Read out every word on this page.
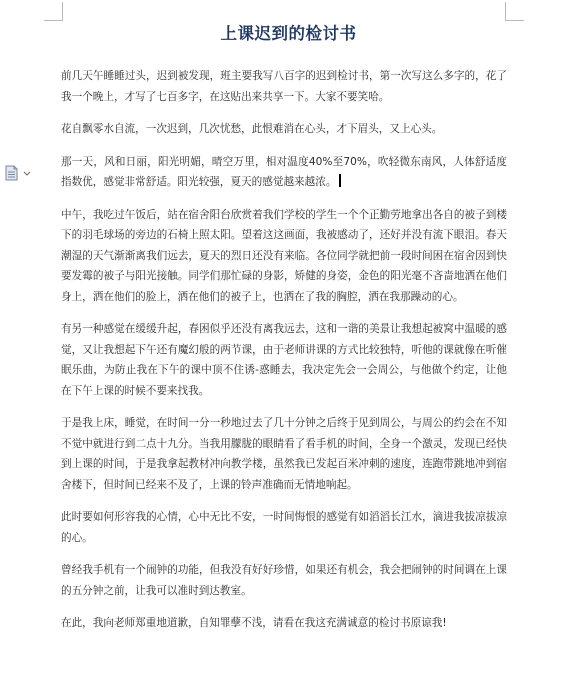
上课迟到的检讨书

前几天午睡睡过头，迟到被发现，班主要我写八百字的迟到检讨书，第一次写这么多字的，花了我一个晚上，才写了七百多字，在这贴出来共享一下。大家不要笑哈。

花自飘零水自流，一次迟到，几次忧愁，此恨难消在心头，才下眉头，又上心头。

那一天，风和日丽，阳光明媚，晴空万里，相对温度40%至70%，吹轻微东南风，人体舒适度指数优，感觉非常舒适。阳光较强，夏天的感觉越来越浓。

中午，我吃过午饭后，站在宿舍阳台欣赏着我们学校的学生一个个正勤劳地拿出各自的被子到楼下的羽毛球场的旁边的石椅上照太阳。望着这这画面，我被感动了，还好并没有流下眼泪。春天潮湿的天气渐渐离我们远去，夏天的烈日还没有来临。各位同学就把前一段时间困在宿舍因到快要发霉的被子与阳光接触。同学们那忙碌的身影，矫健的身姿，金色的阳光毫不吝啬地洒在他们身上，洒在他们的脸上，洒在他们的被子上，也洒在了我的胸腔，洒在我那躁动的心。

有另一种感觉在缓缓升起，春困似乎还没有离我远去，这和一谐的美景让我想起被窝中温暖的感觉，又让我想起下午还有魔幻般的两节课，由于老师讲课的方式比较独特，听他的课就像在听催眠乐曲，为防止我在下午的课中顶不住诱-惑睡去，我决定先会一会周公，与他做个约定，让他在下午上课的时候不要来找我。

于是我上床，睡觉，在时间一分一秒地过去了几十分钟之后终于见到周公，与周公的约会在不知不觉中就进行到二点十九分。当我用朦胧的眼睛看了看手机的时间，全身一个激灵，发现已经快到上课的时间，于是我拿起教材冲向教学楼，虽然我已发起百米冲刺的速度，连跑带跳地冲到宿舍楼下，但时间已经来不及了，上课的铃声准确而无情地响起。

此时要如何形容我的心情，心中无比不安，一时间悔恨的感觉有如滔滔长江水，滴进我拔凉拔凉的心。

曾经我手机有一个闹钟的功能，但我没有好好珍惜，如果还有机会，我会把闹钟的时间调在上课的五分钟之前，让我可以准时到达教室。

在此，我向老师郑重地道歉，自知罪孽不浅，请看在我这充满诚意的检讨书原谅我!
